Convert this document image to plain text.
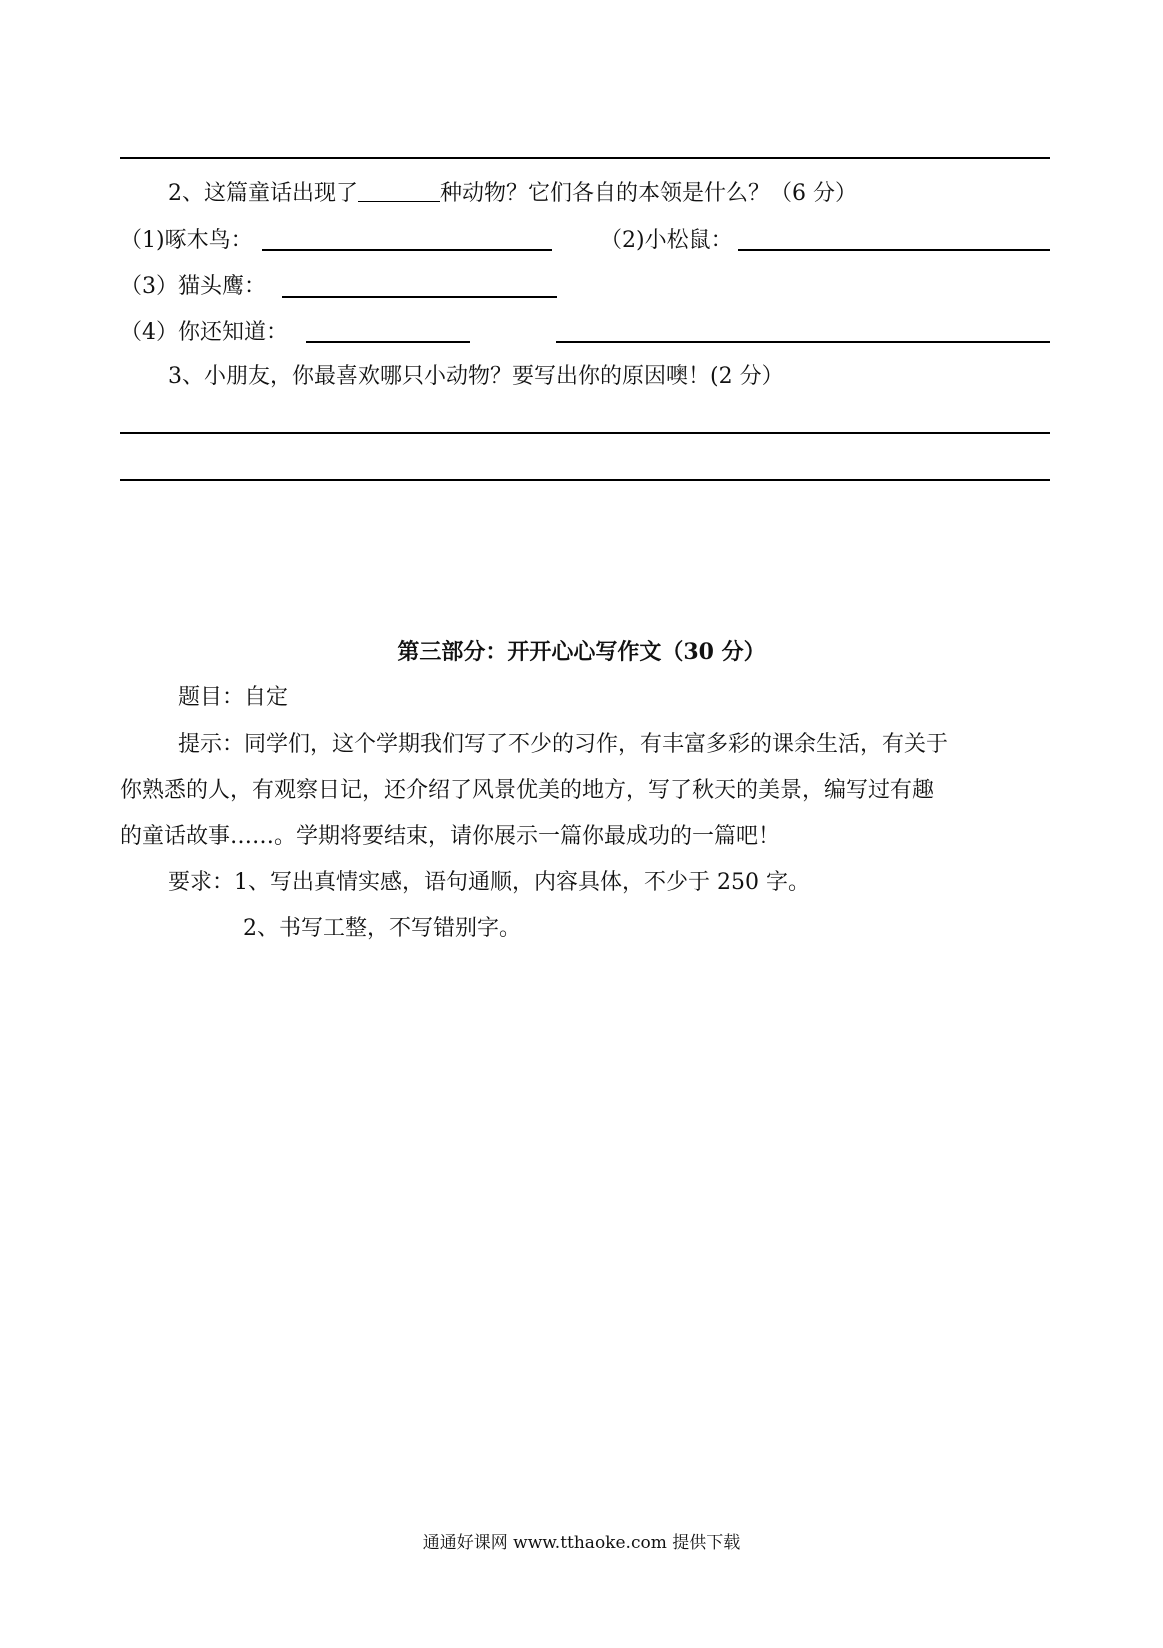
2、这篇童话出现了	种动物？它们各自的本领是什么？（6 分）
（1)啄木鸟：	（2)小松鼠：
（3）猫头鹰：
（4）你还知道：
3、小朋友，你最喜欢哪只小动物？要写出你的原因噢！(2 分）
第三部分：开开心心写作文（30 分）
题目：自定
提示：同学们，这个学期我们写了不少的习作，有丰富多彩的课余生活，有关于
你熟悉的人，有观察日记，还介绍了风景优美的地方，写了秋天的美景，编写过有趣
的童话故事……。学期将要结束，请你展示一篇你最成功的一篇吧！
要求：1、写出真情实感，语句通顺，内容具体，不少于 250 字。
2、书写工整，不写错别字。
通通好课网 www.tthaoke.com 提供下载
